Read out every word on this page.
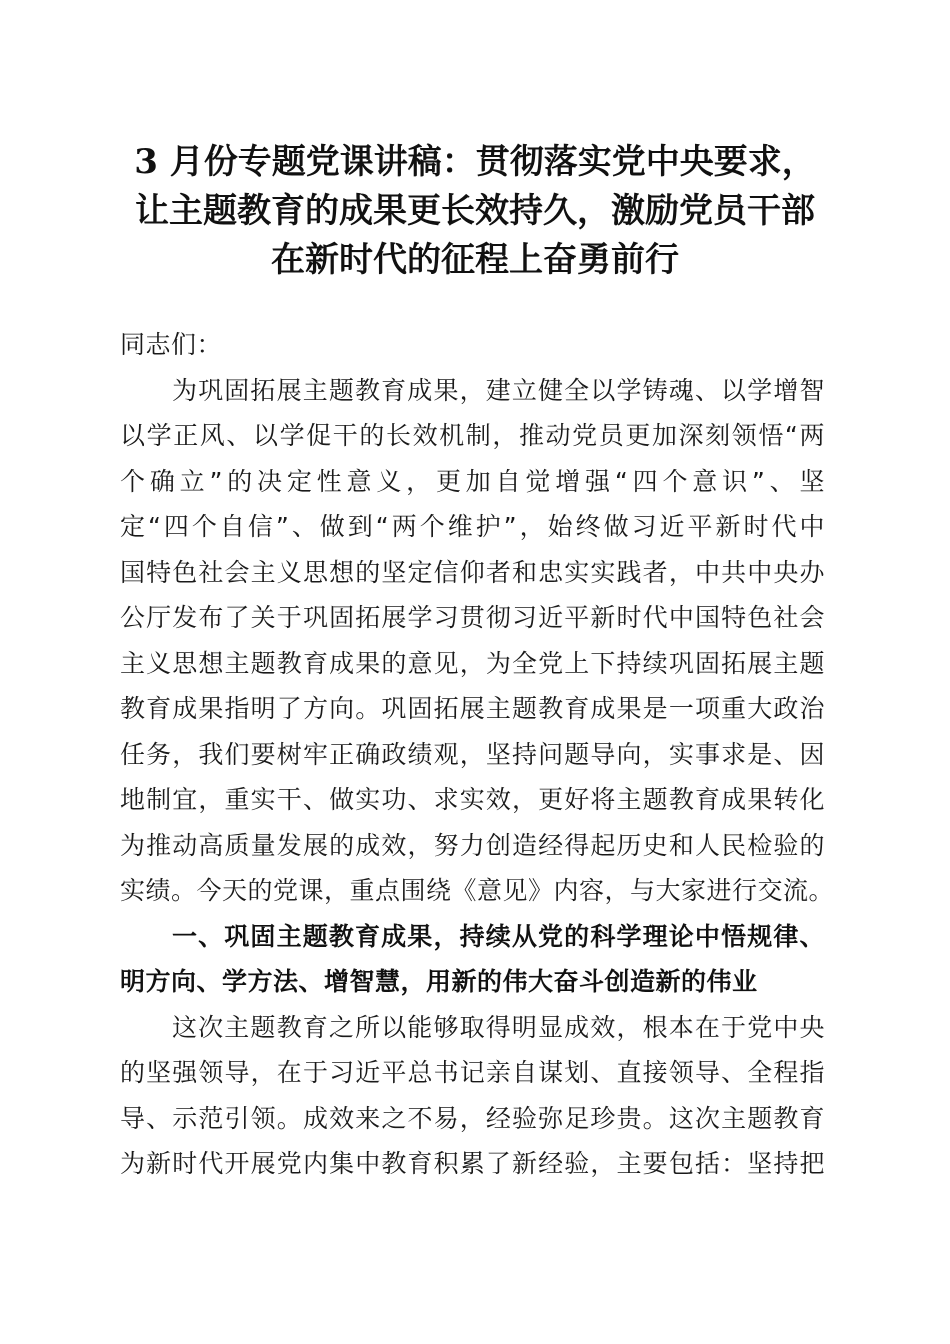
3 月份专题党课讲稿：贯彻落实党中央要求，
让主题教育的成果更长效持久，激励党员干部
在新时代的征程上奋勇前行
同志们：
为巩固拓展主题教育成果，建立健全以学铸魂、以学增智
以学正风、以学促干的长效机制，推动党员更加深刻领悟“两
个确立”的决定性意义，更加自觉增强“四个意识”、坚
定“四个自信”、做到“两个维护”，始终做习近平新时代中
国特色社会主义思想的坚定信仰者和忠实实践者，中共中央办
公厅发布了关于巩固拓展学习贯彻习近平新时代中国特色社会
主义思想主题教育成果的意见，为全党上下持续巩固拓展主题
教育成果指明了方向。巩固拓展主题教育成果是一项重大政治
任务，我们要树牢正确政绩观，坚持问题导向，实事求是、因
地制宜，重实干、做实功、求实效，更好将主题教育成果转化
为推动高质量发展的成效，努力创造经得起历史和人民检验的
实绩。今天的党课，重点围绕《意见》内容，与大家进行交流。
一、巩固主题教育成果，持续从党的科学理论中悟规律、
明方向、学方法、增智慧，用新的伟大奋斗创造新的伟业
这次主题教育之所以能够取得明显成效，根本在于党中央
的坚强领导，在于习近平总书记亲自谋划、直接领导、全程指
导、示范引领。成效来之不易，经验弥足珍贵。这次主题教育
为新时代开展党内集中教育积累了新经验，主要包括：坚持把
